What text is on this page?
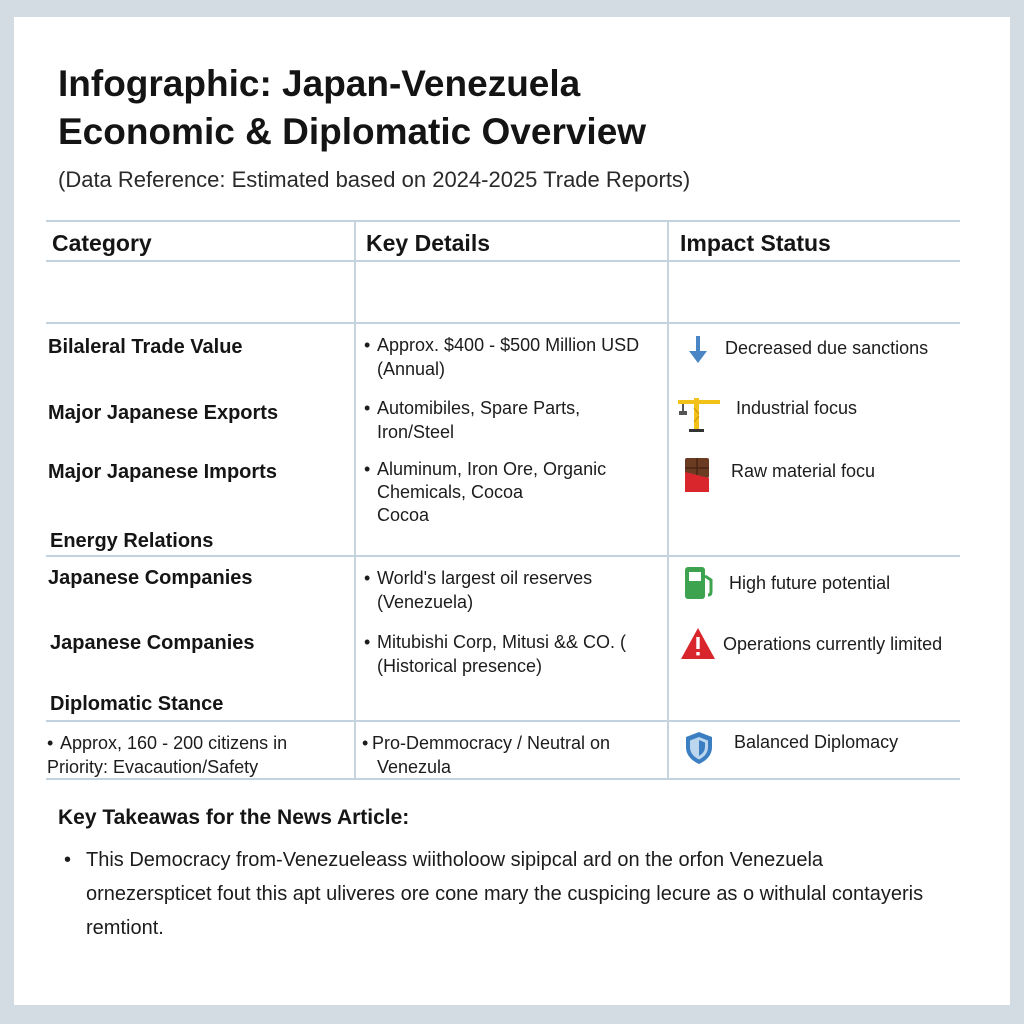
Infographic: Japan-Venezuela
Economic & Diplomatic Overview
(Data Reference: Estimated based on 2024-2025 Trade Reports)
Category	Key Details	Impact Status
Bilaleral Trade Value
Major Japanese Exports
Major Japanese Imports
Energy Relations
Japanese Companies
Japanese Companies
Diplomatic Stance
• Approx, 160 - 200 citizens in
Priority: Evacaution/Safety
• Approx. $400 - $500 Million USD
(Annual)
• Automibiles, Spare Parts,
Iron/Steel
• Aluminum, Iron Ore, Organic
Chemicals, Cocoa
Cocoa
• World's largest oil reserves
(Venezuela)
• Mitubishi Corp, Mitusi && CO. (
(Historical presence)
• Pro-Demmocracy / Neutral on
Venezula
Decreased due sanctions
Industrial focus
Raw material focu
High future potential
Operations currently limited
Balanced Diplomacy
Key Takeawas for the News Article:
• This Democracy from-Venezueleass wiitholoow sipipcal ard on the orfon Venezuela ornezerspticet fout this apt uliveres ore cone mary the cuspicing lecure as o withulal contayeris remtiont.
